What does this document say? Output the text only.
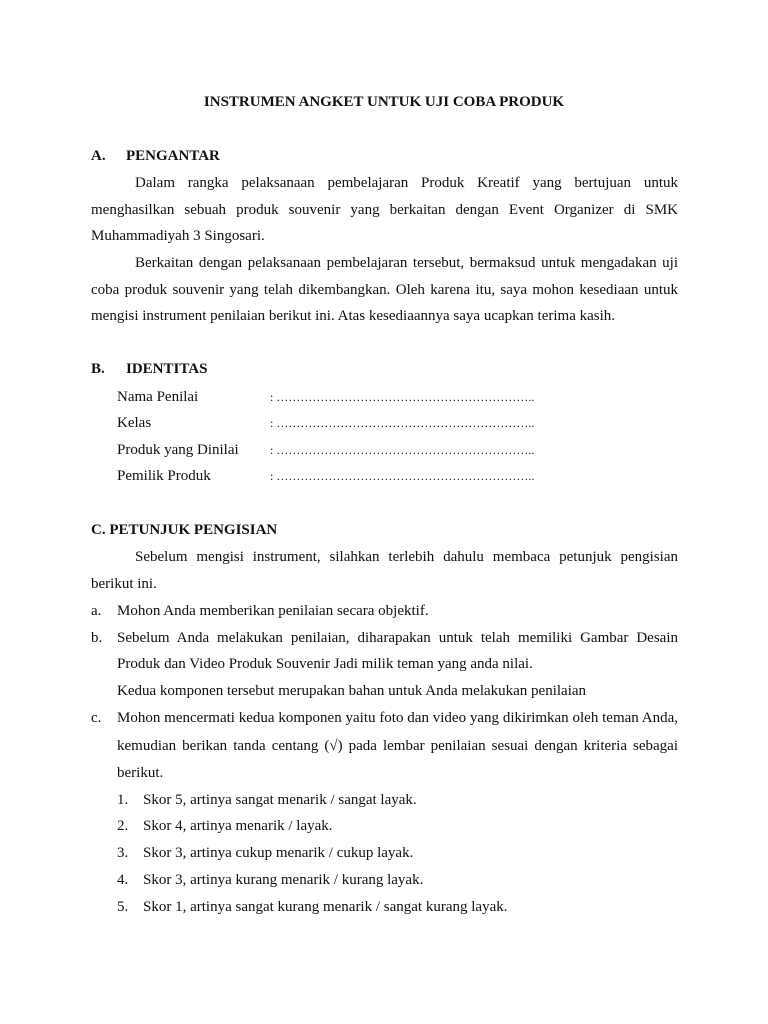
INSTRUMEN ANGKET UNTUK UJI COBA PRODUK
A. PENGANTAR
Dalam rangka pelaksanaan pembelajaran Produk Kreatif yang bertujuan untuk
menghasilkan sebuah produk souvenir yang berkaitan dengan Event Organizer di SMK
Muhammadiyah 3 Singosari.
Berkaitan dengan pelaksanaan pembelajaran tersebut, bermaksud untuk mengadakan uji
coba produk souvenir yang telah dikembangkan. Oleh karena itu, saya mohon kesediaan untuk
mengisi instrument penilaian berikut ini. Atas kesediaannya saya ucapkan terima kasih.
B. IDENTITAS
Nama Penilai	: ………………………………………………………..
Kelas	: ………………………………………………………..
Produk yang Dinilai	: ………………………………………………………..
Pemilik Produk	: ………………………………………………………..
C. PETUNJUK PENGISIAN
Sebelum mengisi instrument, silahkan terlebih dahulu membaca petunjuk pengisian
berikut ini.
a. Mohon Anda memberikan penilaian secara objektif.
b. Sebelum Anda melakukan penilaian, diharapakan untuk telah memiliki Gambar Desain
Produk dan Video Produk Souvenir Jadi milik teman yang anda nilai.
Kedua komponen tersebut merupakan bahan untuk Anda melakukan penilaian
c. Mohon mencermati kedua komponen yaitu foto dan video yang dikirimkan oleh teman Anda,
kemudian berikan tanda centang (√) pada lembar penilaian sesuai dengan kriteria sebagai
berikut.
1. Skor 5, artinya sangat menarik / sangat layak.
2. Skor 4, artinya menarik / layak.
3. Skor 3, artinya cukup menarik / cukup layak.
4. Skor 3, artinya kurang menarik / kurang layak.
5. Skor 1, artinya sangat kurang menarik / sangat kurang layak.
